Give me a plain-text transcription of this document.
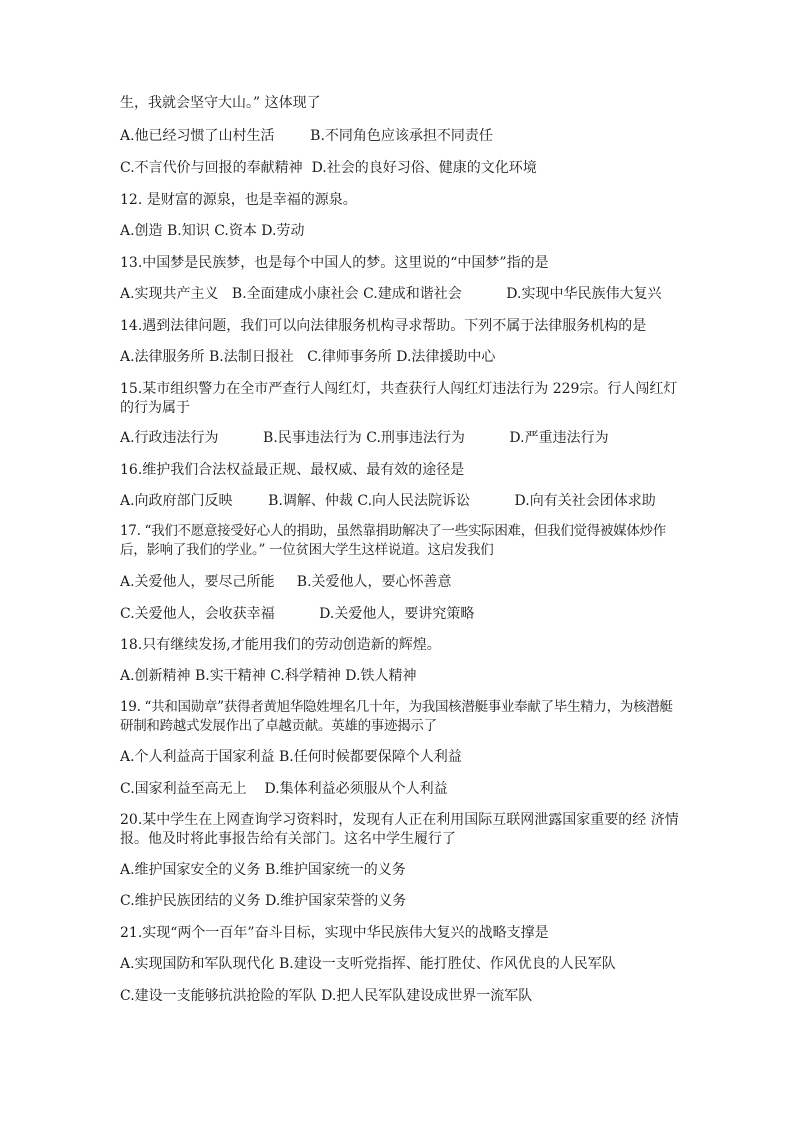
生，我就会坚守大山。” 这体现了
A.他已经习惯了山村生活        B.不同角色应该承担不同责任
C.不言代价与回报的奉献精神  D.社会的良好习俗、健康的文化环境
12. 是财富的源泉，也是幸福的源泉。
A.创造 B.知识 C.资本 D.劳动
13.中国梦是民族梦，也是每个中国人的梦。这里说的“中国梦”指的是
A.实现共产主义   B.全面建成小康社会 C.建成和谐社会          D.实现中华民族伟大复兴
14.遇到法律问题，我们可以向法律服务机构寻求帮助。下列不属于法律服务机构的是
A.法律服务所 B.法制日报社   C.律师事务所 D.法律援助中心
15.某市组织警力在全市严查行人闯红灯，共查获行人闯红灯违法行为 229宗。行人闯红灯的行为属于
A.行政违法行为          B.民事违法行为 C.刑事违法行为          D.严重违法行为
16.维护我们合法权益最正规、最权威、最有效的途径是
A.向政府部门反映        B.调解、仲裁 C.向人民法院诉讼          D.向有关社会团体求助
17. “我们不愿意接受好心人的捐助，虽然靠捐助解决了一些实际困难，但我们觉得被媒体炒作后，影响了我们的学业。” 一位贫困大学生这样说道。这启发我们
A.关爱他人，要尽己所能     B.关爱他人，要心怀善意
C.关爱他人，会收获幸福          D.关爱他人，要讲究策略
18.只有继续发扬,才能用我们的劳动创造新的辉煌。
A.创新精神 B.实干精神 C.科学精神 D.铁人精神
19. “共和国勋章”获得者黄旭华隐姓埋名几十年，为我国核潜艇事业奉献了毕生精力，为核潜艇研制和跨越式发展作出了卓越贡献。英雄的事迹揭示了
A.个人利益高于国家利益 B.任何时候都要保障个人利益
C.国家利益至高无上    D.集体利益必须服从个人利益
20.某中学生在上网查询学习资料时，发现有人正在利用国际互联网泄露国家重要的经 济情报。他及时将此事报告给有关部门。这名中学生履行了
A.维护国家安全的义务 B.维护国家统一的义务
C.维护民族团结的义务 D.维护国家荣誉的义务
21.实现“两个一百年”奋斗目标，实现中华民族伟大复兴的战略支撑是
A.实现国防和军队现代化 B.建设一支听党指挥、能打胜仗、作风优良的人民军队
C.建设一支能够抗洪抢险的军队 D.把人民军队建设成世界一流军队
